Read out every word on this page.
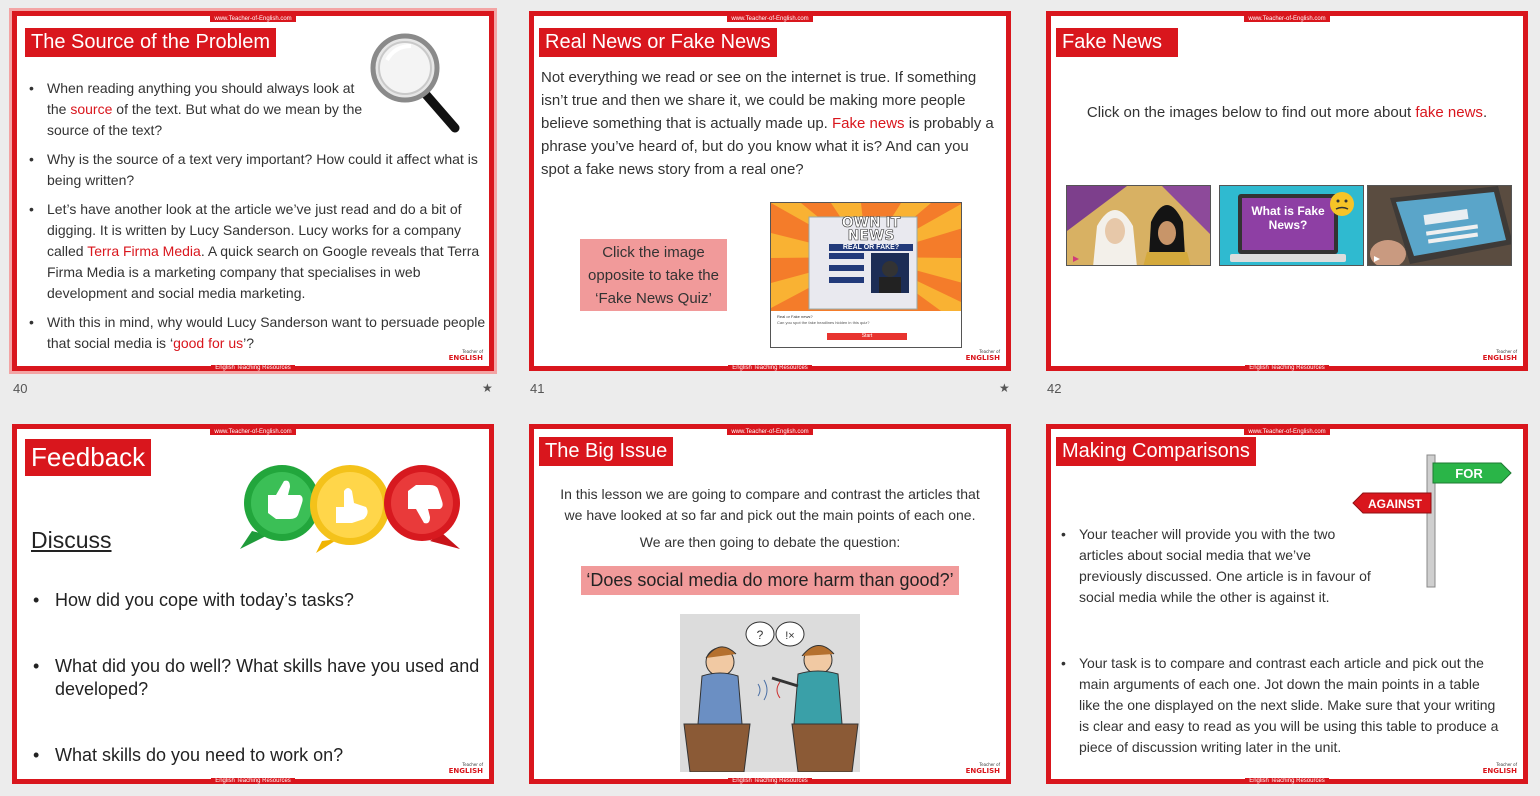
www.Teacher-of-English.com
The Source of the Problem
• When reading anything you should always look at the source of the text. But what do we mean by the source of the text?
• Why is the source of a text very important? How could it affect what is being written?
• Let’s have another look at the article we’ve just read and do a bit of digging. It is written by Lucy Sanderson. Lucy works for a company called Terra Firma Media. A quick search on Google reveals that Terra Firma Media is a marketing company that specialises in web development and social media marketing.
• With this in mind, why would Lucy Sanderson want to persuade people that social media is ‘good for us’?
Teacher of
ENGLISH
English Teaching Resources
40	★
www.Teacher-of-English.com
Real News or Fake News
Not everything we read or see on the internet is true. If something isn’t true and then we share it, we could be making more people believe something that is actually made up. Fake news is probably a phrase you’ve heard of, but do you know what it is? And can you spot a fake news story from a real one?
Click the image opposite to take the ‘Fake News Quiz’
OWN IT
NEWS
REAL OR FAKE?
Real or Fake news?
Can you spot the fake headlines hidden in this quiz?
Start
Teacher of
ENGLISH
English Teaching Resources
41	★
www.Teacher-of-English.com
Fake News
Click on the images below to find out more about fake news.
What is Fake News?
Teacher of
ENGLISH
English Teaching Resources
42
www.Teacher-of-English.com
Feedback
Discuss
• How did you cope with today’s tasks?
• What did you do well? What skills have you used and developed?
• What skills do you need to work on?	Teacher of
ENGLISH
English Teaching Resources
www.Teacher-of-English.com
The Big Issue
In this lesson we are going to compare and contrast the articles that we have looked at so far and pick out the main points of each one.
We are then going to debate the question:
‘Does social media do more harm than good?’
? !×
Teacher of
ENGLISH
English Teaching Resources
www.Teacher-of-English.com
Making Comparisons
FOR
AGAINST
• Your teacher will provide you with the two articles about social media that we’ve previously discussed. One article is in favour of social media while the other is against it.
• Your task is to compare and contrast each article and pick out the main arguments of each one. Jot down the main points in a table like the one displayed on the next slide. Make sure that your writing is clear and easy to read as you will be using this table to produce a piece of discussion writing later in the unit.
Teacher of
ENGLISH
English Teaching Resources
